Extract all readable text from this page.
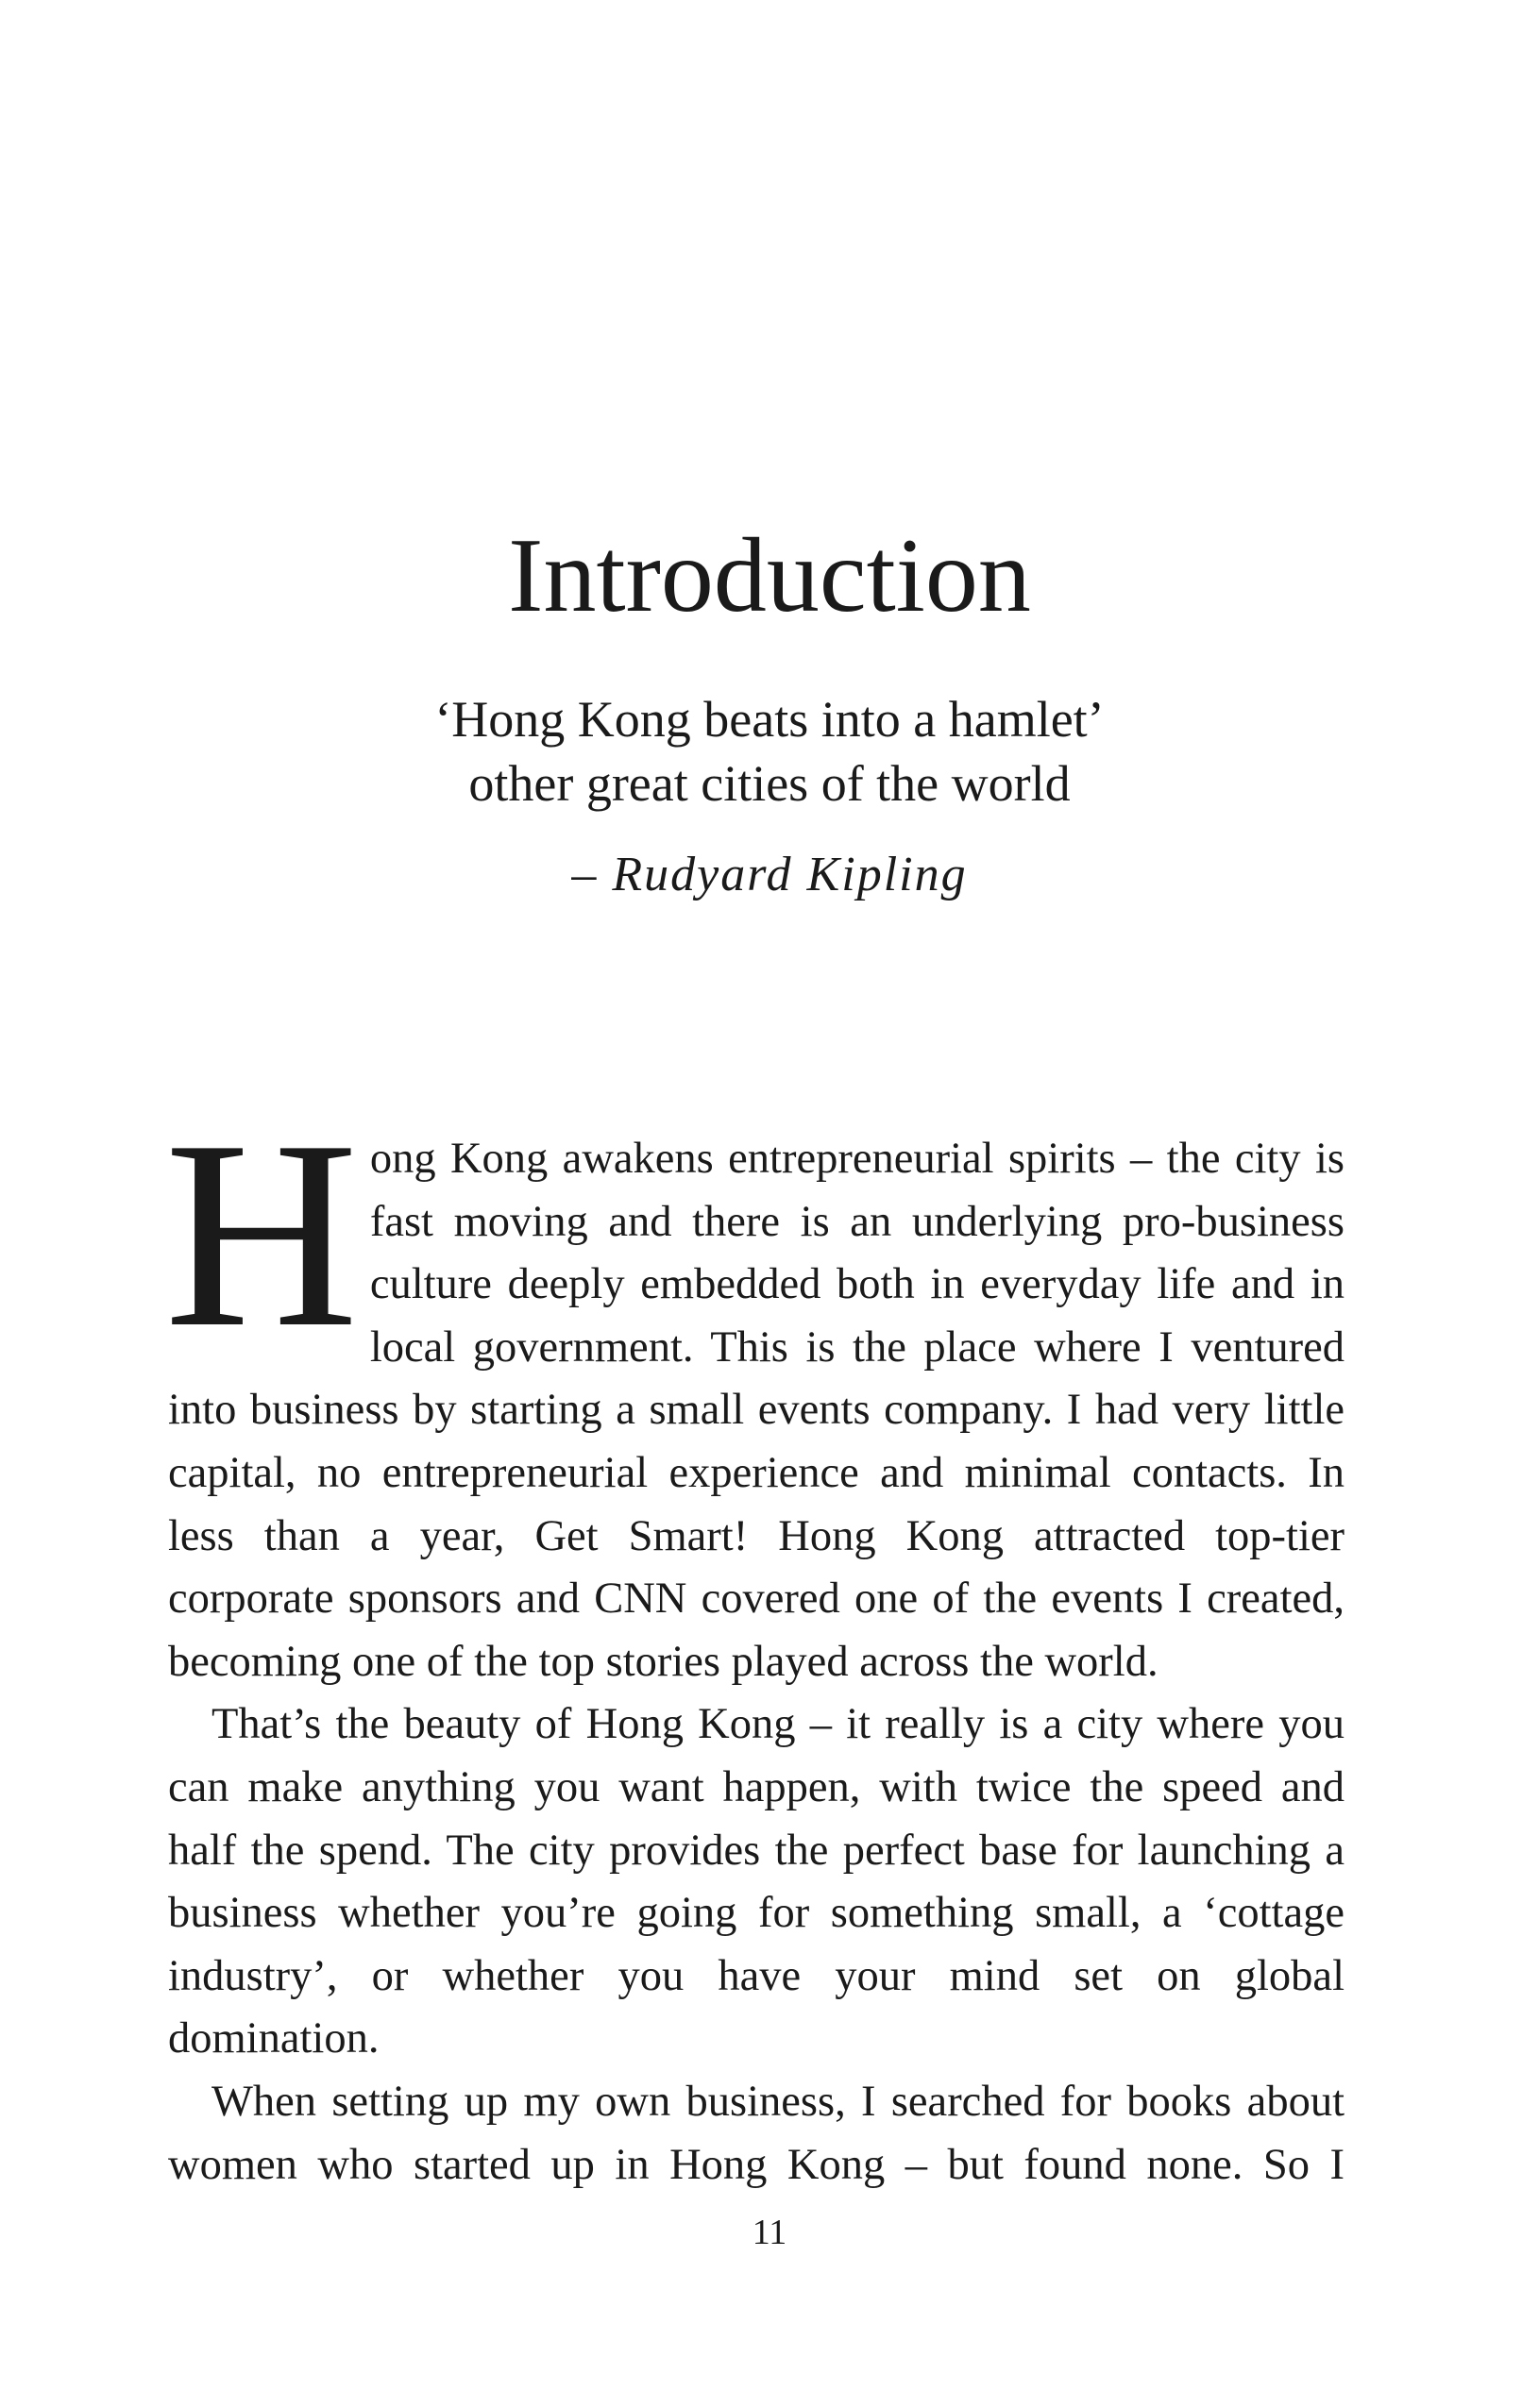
Introduction
‘Hong Kong beats into a hamlet’
other great cities of the world
– Rudyard Kipling

Hong Kong awakens entrepreneurial spirits – the city is fast moving and there is an underlying pro-business culture deeply embedded both in everyday life and in local government. This is the place where I ventured into business by starting a small events company. I had very little capital, no entrepreneurial experience and minimal contacts. In less than a year, Get Smart! Hong Kong attracted top-tier corporate sponsors and CNN covered one of the events I created, becoming one of the top stories played across the world.

That’s the beauty of Hong Kong – it really is a city where you can make anything you want happen, with twice the speed and half the spend. The city provides the perfect base for launching a business whether you’re going for something small, a ‘cottage industry’, or whether you have your mind set on global domination.

When setting up my own business, I searched for books about women who started up in Hong Kong – but found none. So I

11
